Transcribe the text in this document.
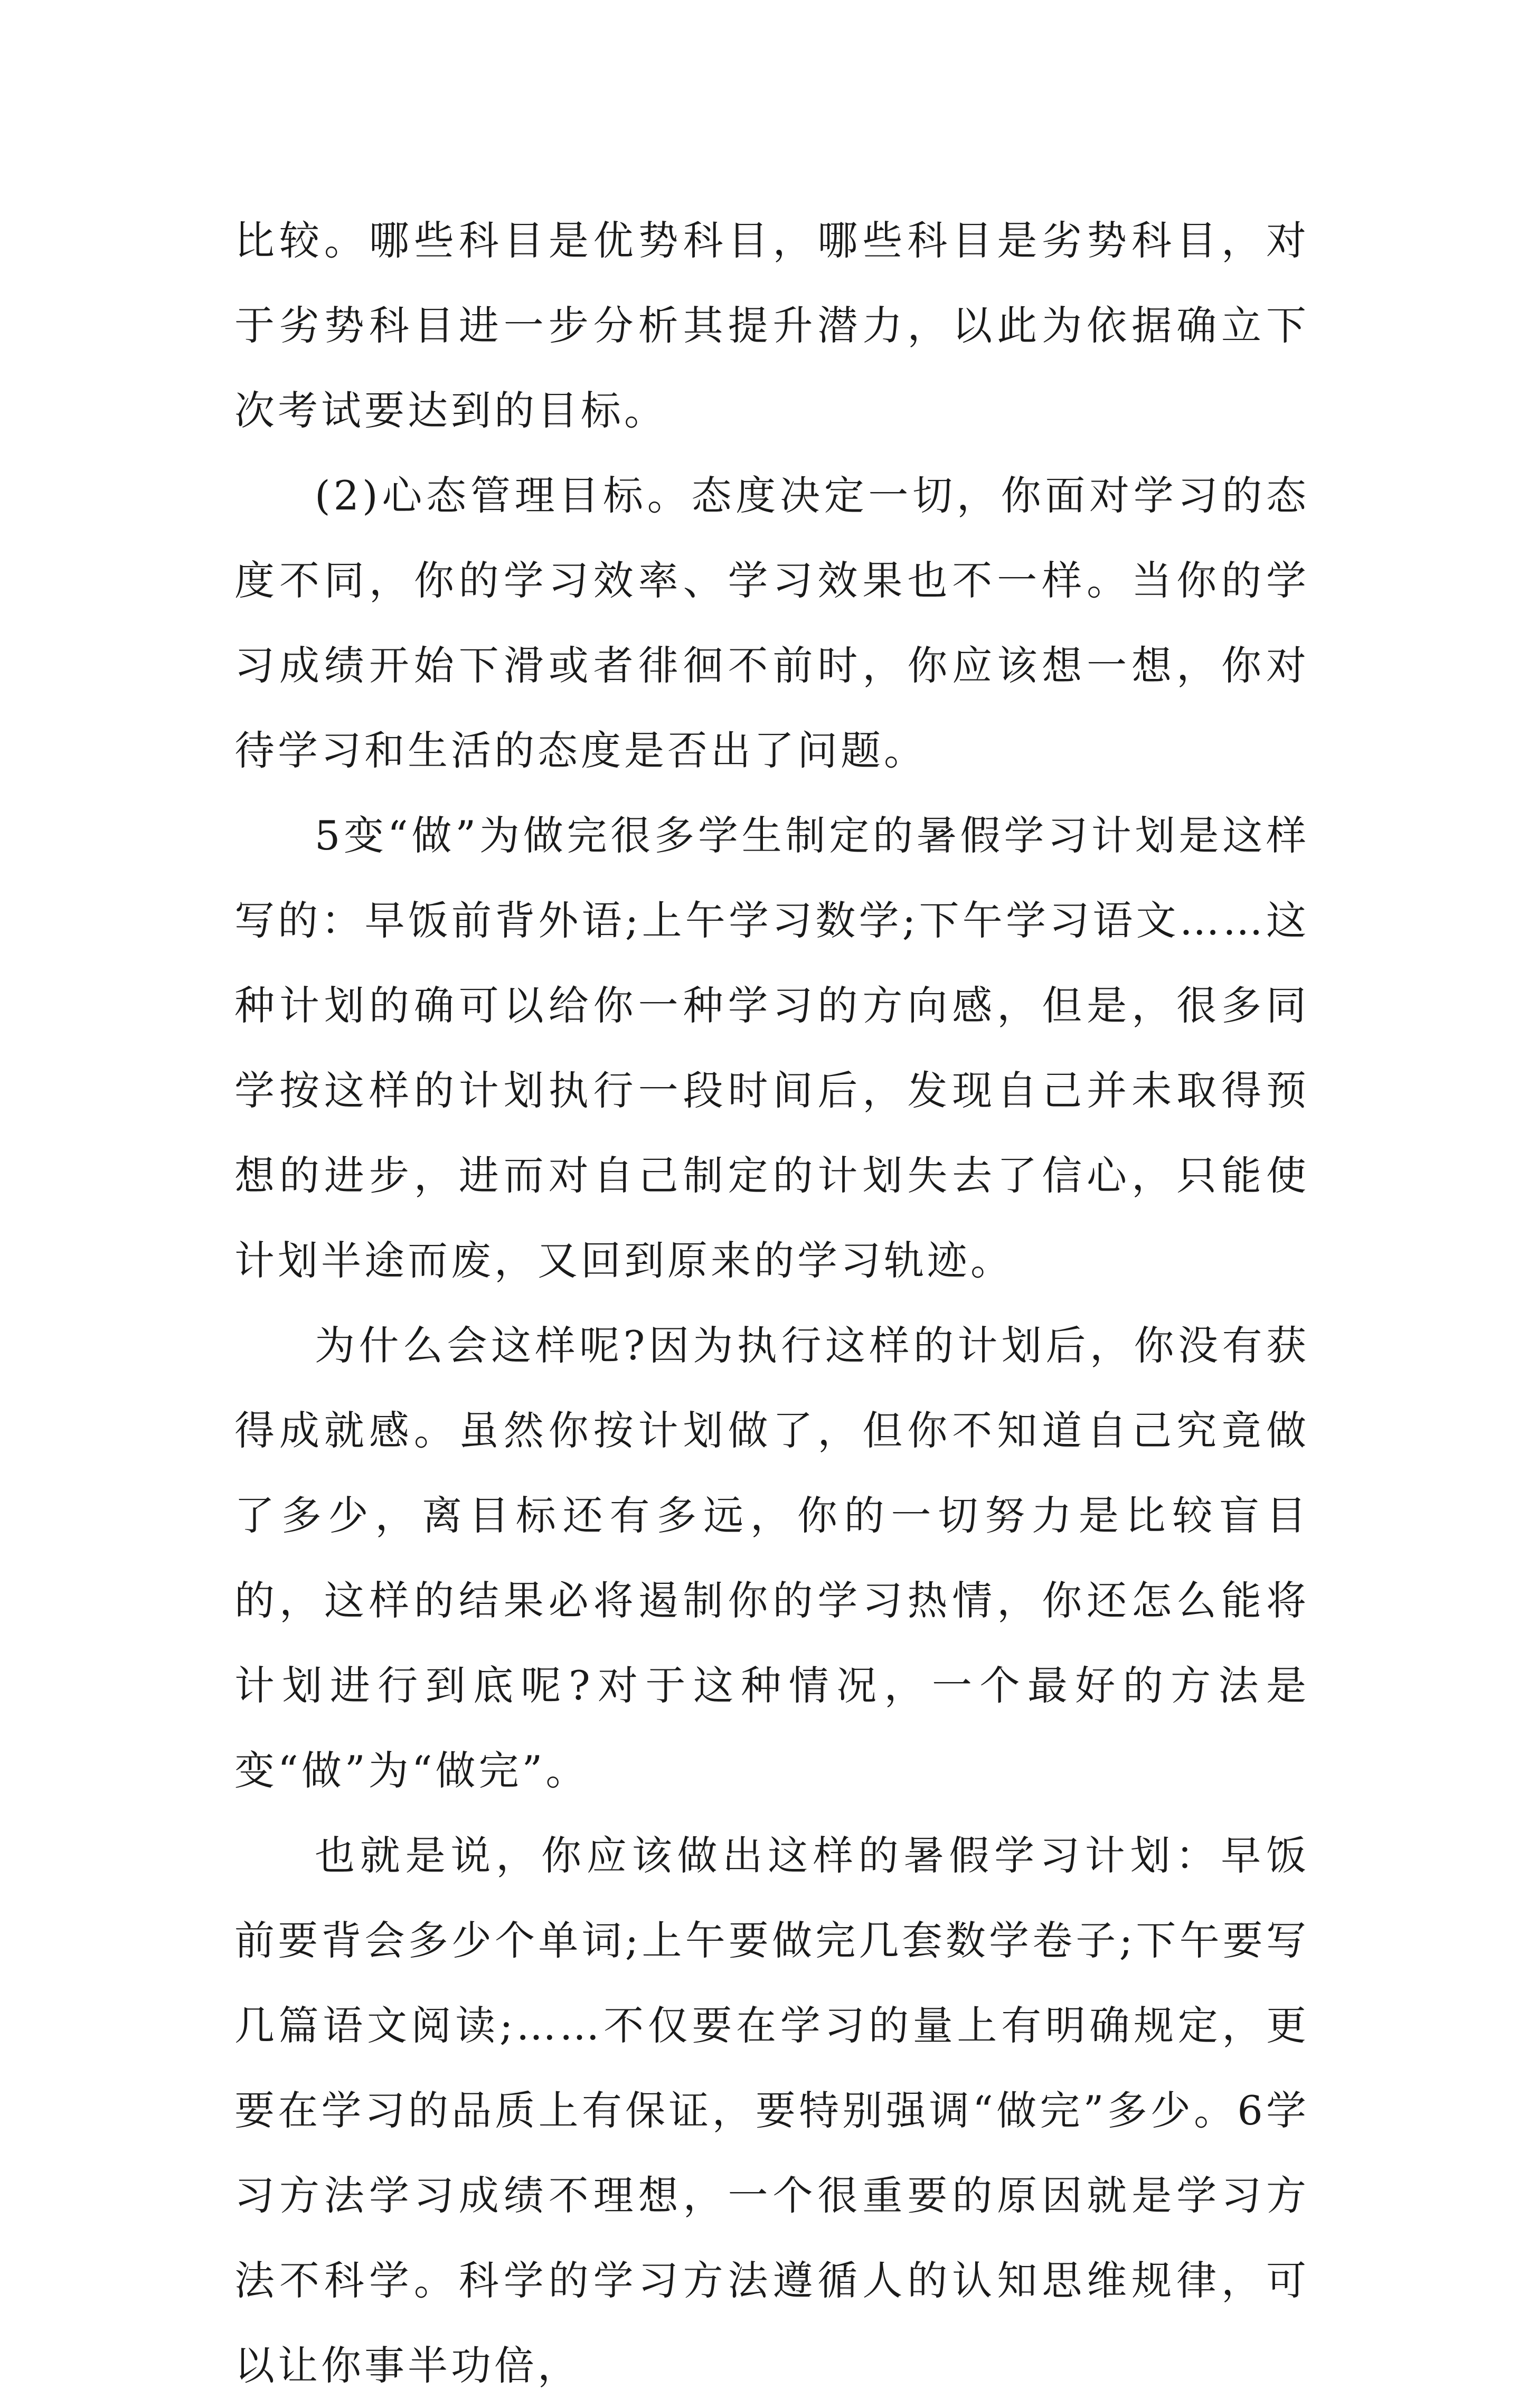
比较。哪些科目是优势科目，哪些科目是劣势科目，对于劣势科目进一步分析其提升潜力，以此为依据确立下次考试要达到的目标。

(2)心态管理目标。态度决定一切，你面对学习的态度不同，你的学习效率、学习效果也不一样。当你的学习成绩开始下滑或者徘徊不前时，你应该想一想，你对待学习和生活的态度是否出了问题。

5变“做”为做完很多学生制定的暑假学习计划是这样写的：早饭前背外语;上午学习数学;下午学习语文……这种计划的确可以给你一种学习的方向感，但是，很多同学按这样的计划执行一段时间后，发现自己并未取得预想的进步，进而对自己制定的计划失去了信心，只能使计划半途而废，又回到原来的学习轨迹。

为什么会这样呢?因为执行这样的计划后，你没有获得成就感。虽然你按计划做了，但你不知道自己究竟做了多少，离目标还有多远，你的一切努力是比较盲目的，这样的结果必将遏制你的学习热情，你还怎么能将计划进行到底呢?对于这种情况，一个最好的方法是变“做”为“做完”。

也就是说，你应该做出这样的暑假学习计划：早饭前要背会多少个单词;上午要做完几套数学卷子;下午要写几篇语文阅读;……不仅要在学习的量上有明确规定，更要在学习的品质上有保证，要特别强调“做完”多少。6学习方法学习成绩不理想，一个很重要的原因就是学习方法不科学。科学的学习方法遵循人的认知思维规律，可以让你事半功倍，
